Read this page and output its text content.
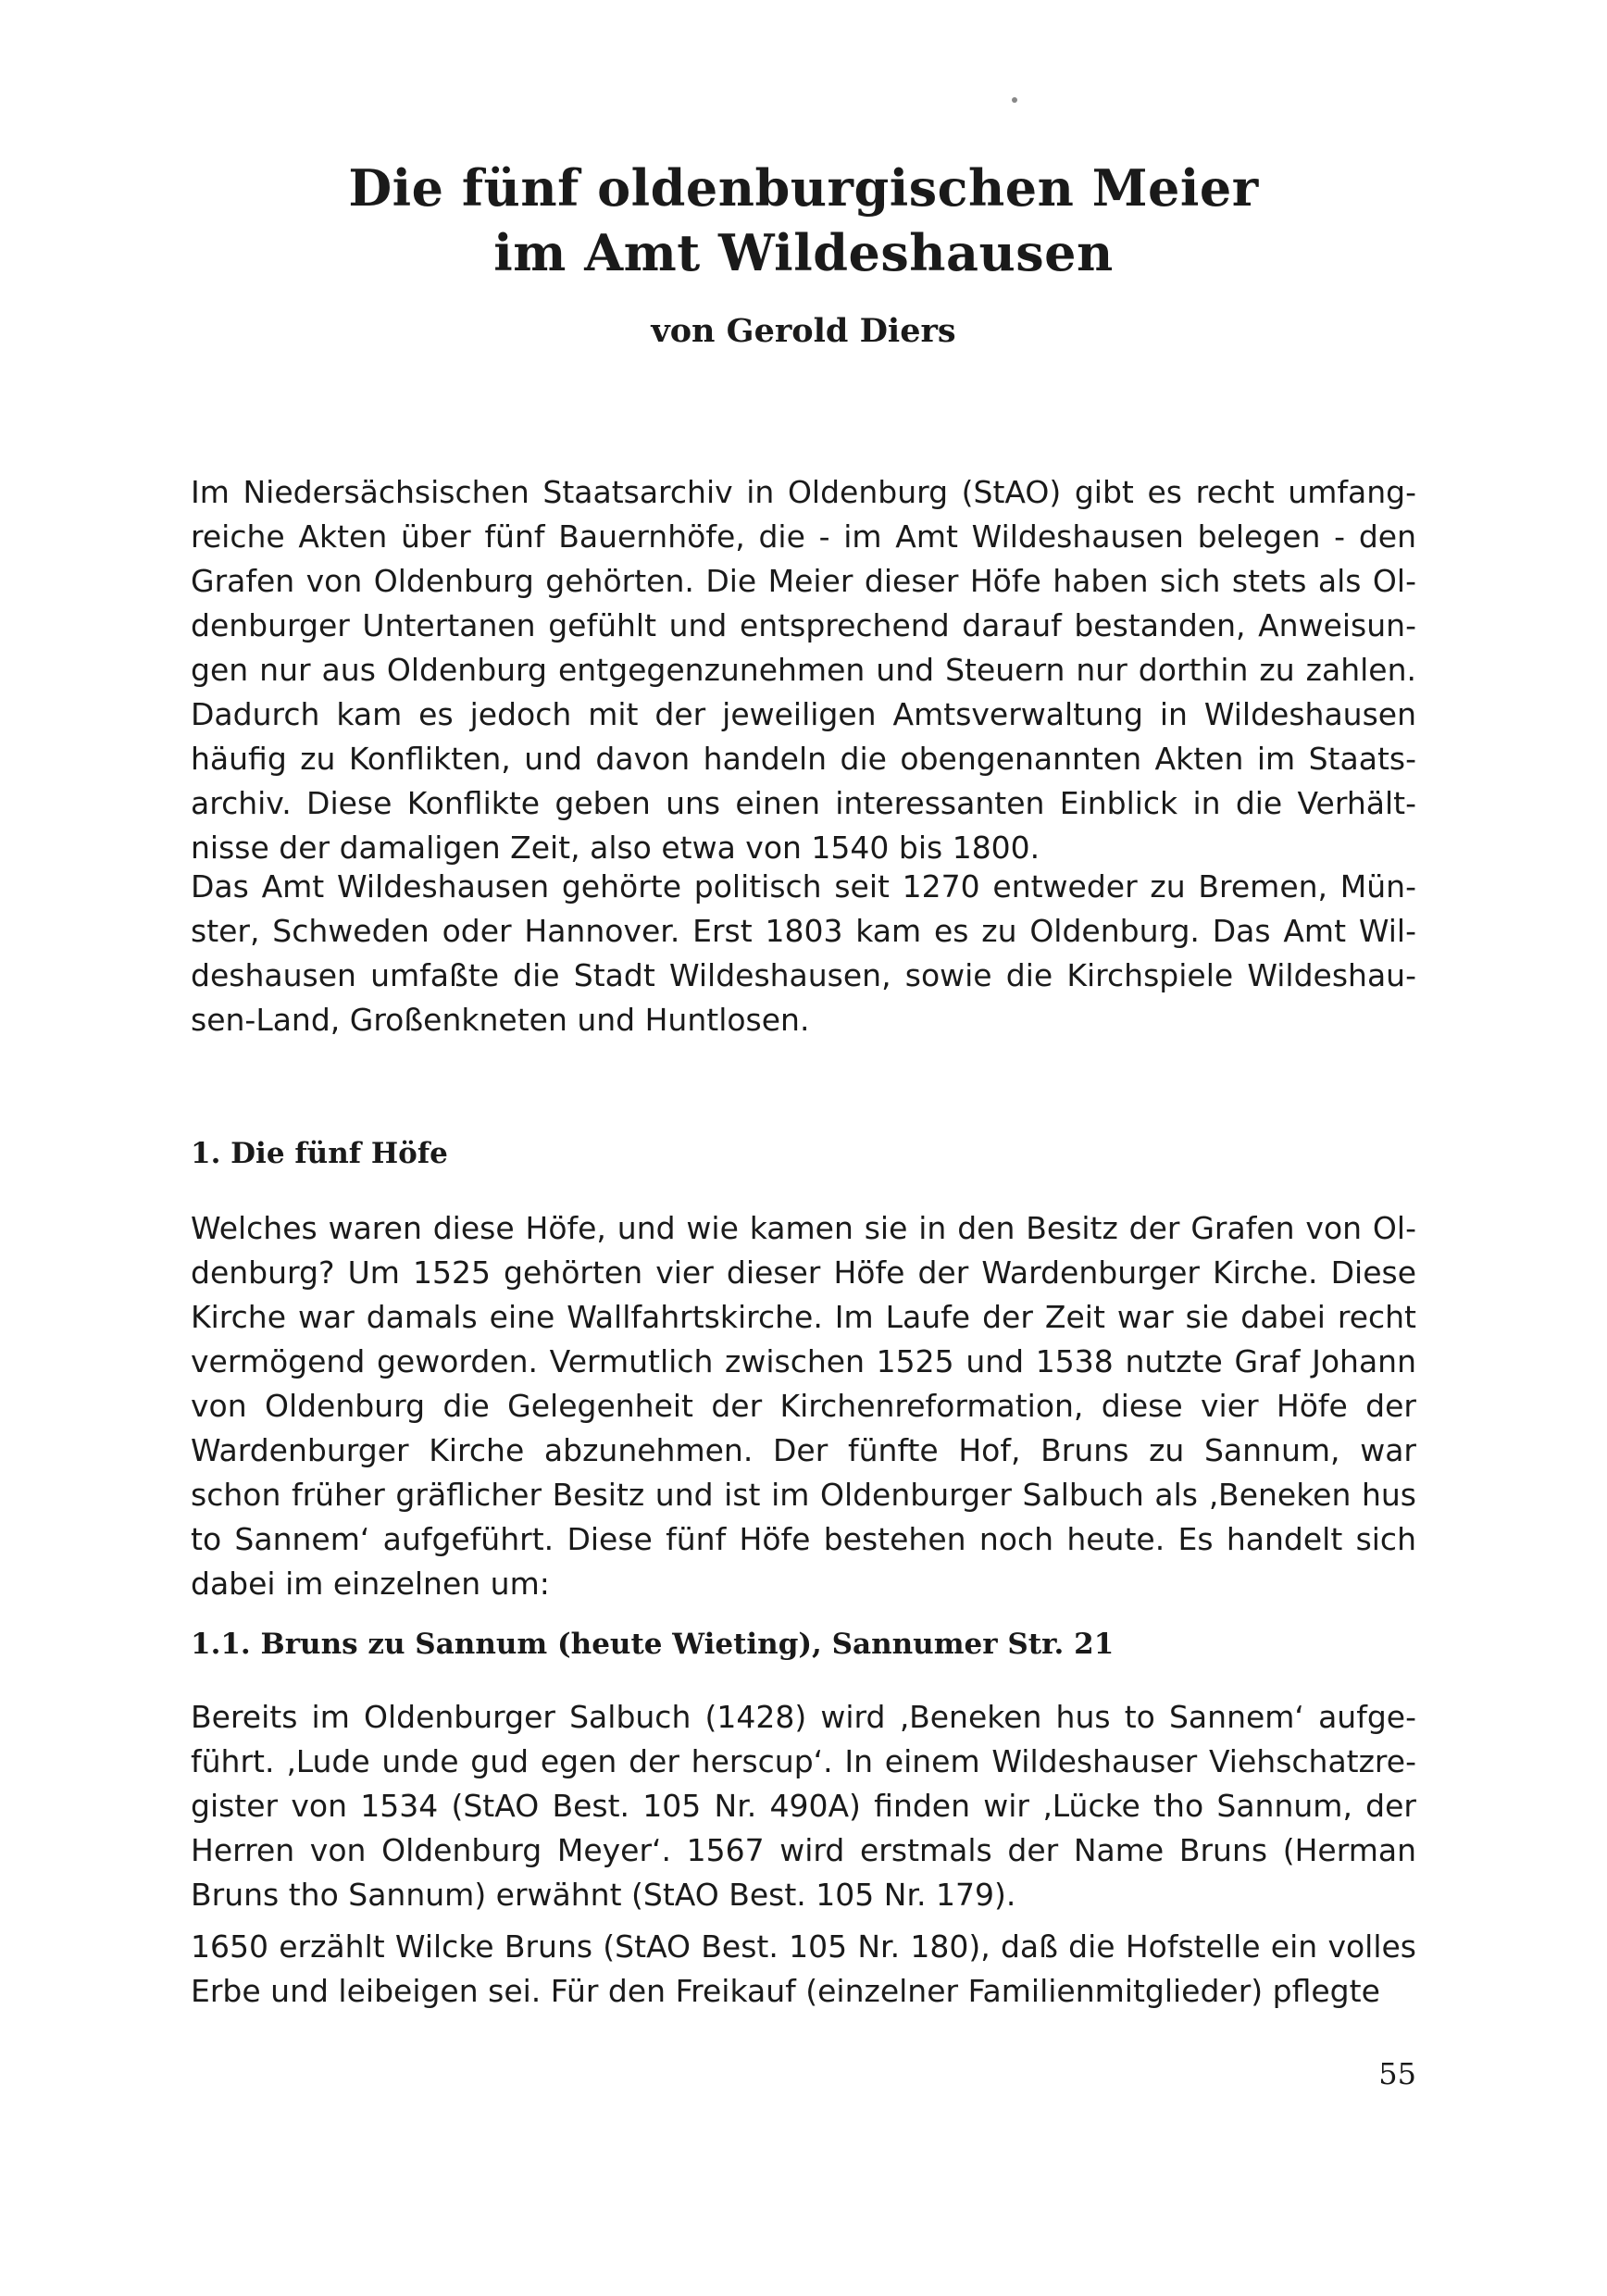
Die fünf oldenburgischen Meier
im Amt Wildeshausen
von Gerold Diers
Im Niedersächsischen Staatsarchiv in Oldenburg (StAO) gibt es recht umfangreiche Akten über fünf Bauernhöfe, die - im Amt Wildeshausen belegen - den Grafen von Oldenburg gehörten. Die Meier dieser Höfe haben sich stets als Oldenburger Untertanen gefühlt und entsprechend darauf bestanden, Anweisungen nur aus Oldenburg entgegenzunehmen und Steuern nur dorthin zu zahlen. Dadurch kam es jedoch mit der jeweiligen Amtsverwaltung in Wildeshausen häufig zu Konflikten, und davon handeln die obengenannten Akten im Staatsarchiv. Diese Konflikte geben uns einen interessanten Einblick in die Verhältnisse der damaligen Zeit, also etwa von 1540 bis 1800.
Das Amt Wildeshausen gehörte politisch seit 1270 entweder zu Bremen, Münster, Schweden oder Hannover. Erst 1803 kam es zu Oldenburg. Das Amt Wildeshausen umfaßte die Stadt Wildeshausen, sowie die Kirchspiele Wildeshausen-Land, Großenkneten und Huntlosen.
1. Die fünf Höfe
Welches waren diese Höfe, und wie kamen sie in den Besitz der Grafen von Oldenburg? Um 1525 gehörten vier dieser Höfe der Wardenburger Kirche. Diese Kirche war damals eine Wallfahrtskirche. Im Laufe der Zeit war sie dabei recht vermögend geworden. Vermutlich zwischen 1525 und 1538 nutzte Graf Johann von Oldenburg die Gelegenheit der Kirchenreformation, diese vier Höfe der Wardenburger Kirche abzunehmen. Der fünfte Hof, Bruns zu Sannum, war schon früher gräflicher Besitz und ist im Oldenburger Salbuch als ‚Beneken hus to Sannem‘ aufgeführt. Diese fünf Höfe bestehen noch heute. Es handelt sich dabei im einzelnen um:
1.1. Bruns zu Sannum (heute Wieting), Sannumer Str. 21
Bereits im Oldenburger Salbuch (1428) wird ‚Beneken hus to Sannem‘ aufgeführt. ‚Lude unde gud egen der herscup‘. In einem Wildeshauser Viehschatzregister von 1534 (StAO Best. 105 Nr. 490A) finden wir ‚Lücke tho Sannum, der Herren von Oldenburg Meyer‘. 1567 wird erstmals der Name Bruns (Herman Bruns tho Sannum) erwähnt (StAO Best. 105 Nr. 179).
1650 erzählt Wilcke Bruns (StAO Best. 105 Nr. 180), daß die Hofstelle ein volles Erbe und leibeigen sei. Für den Freikauf (einzelner Familienmitglieder) pflegte
55
